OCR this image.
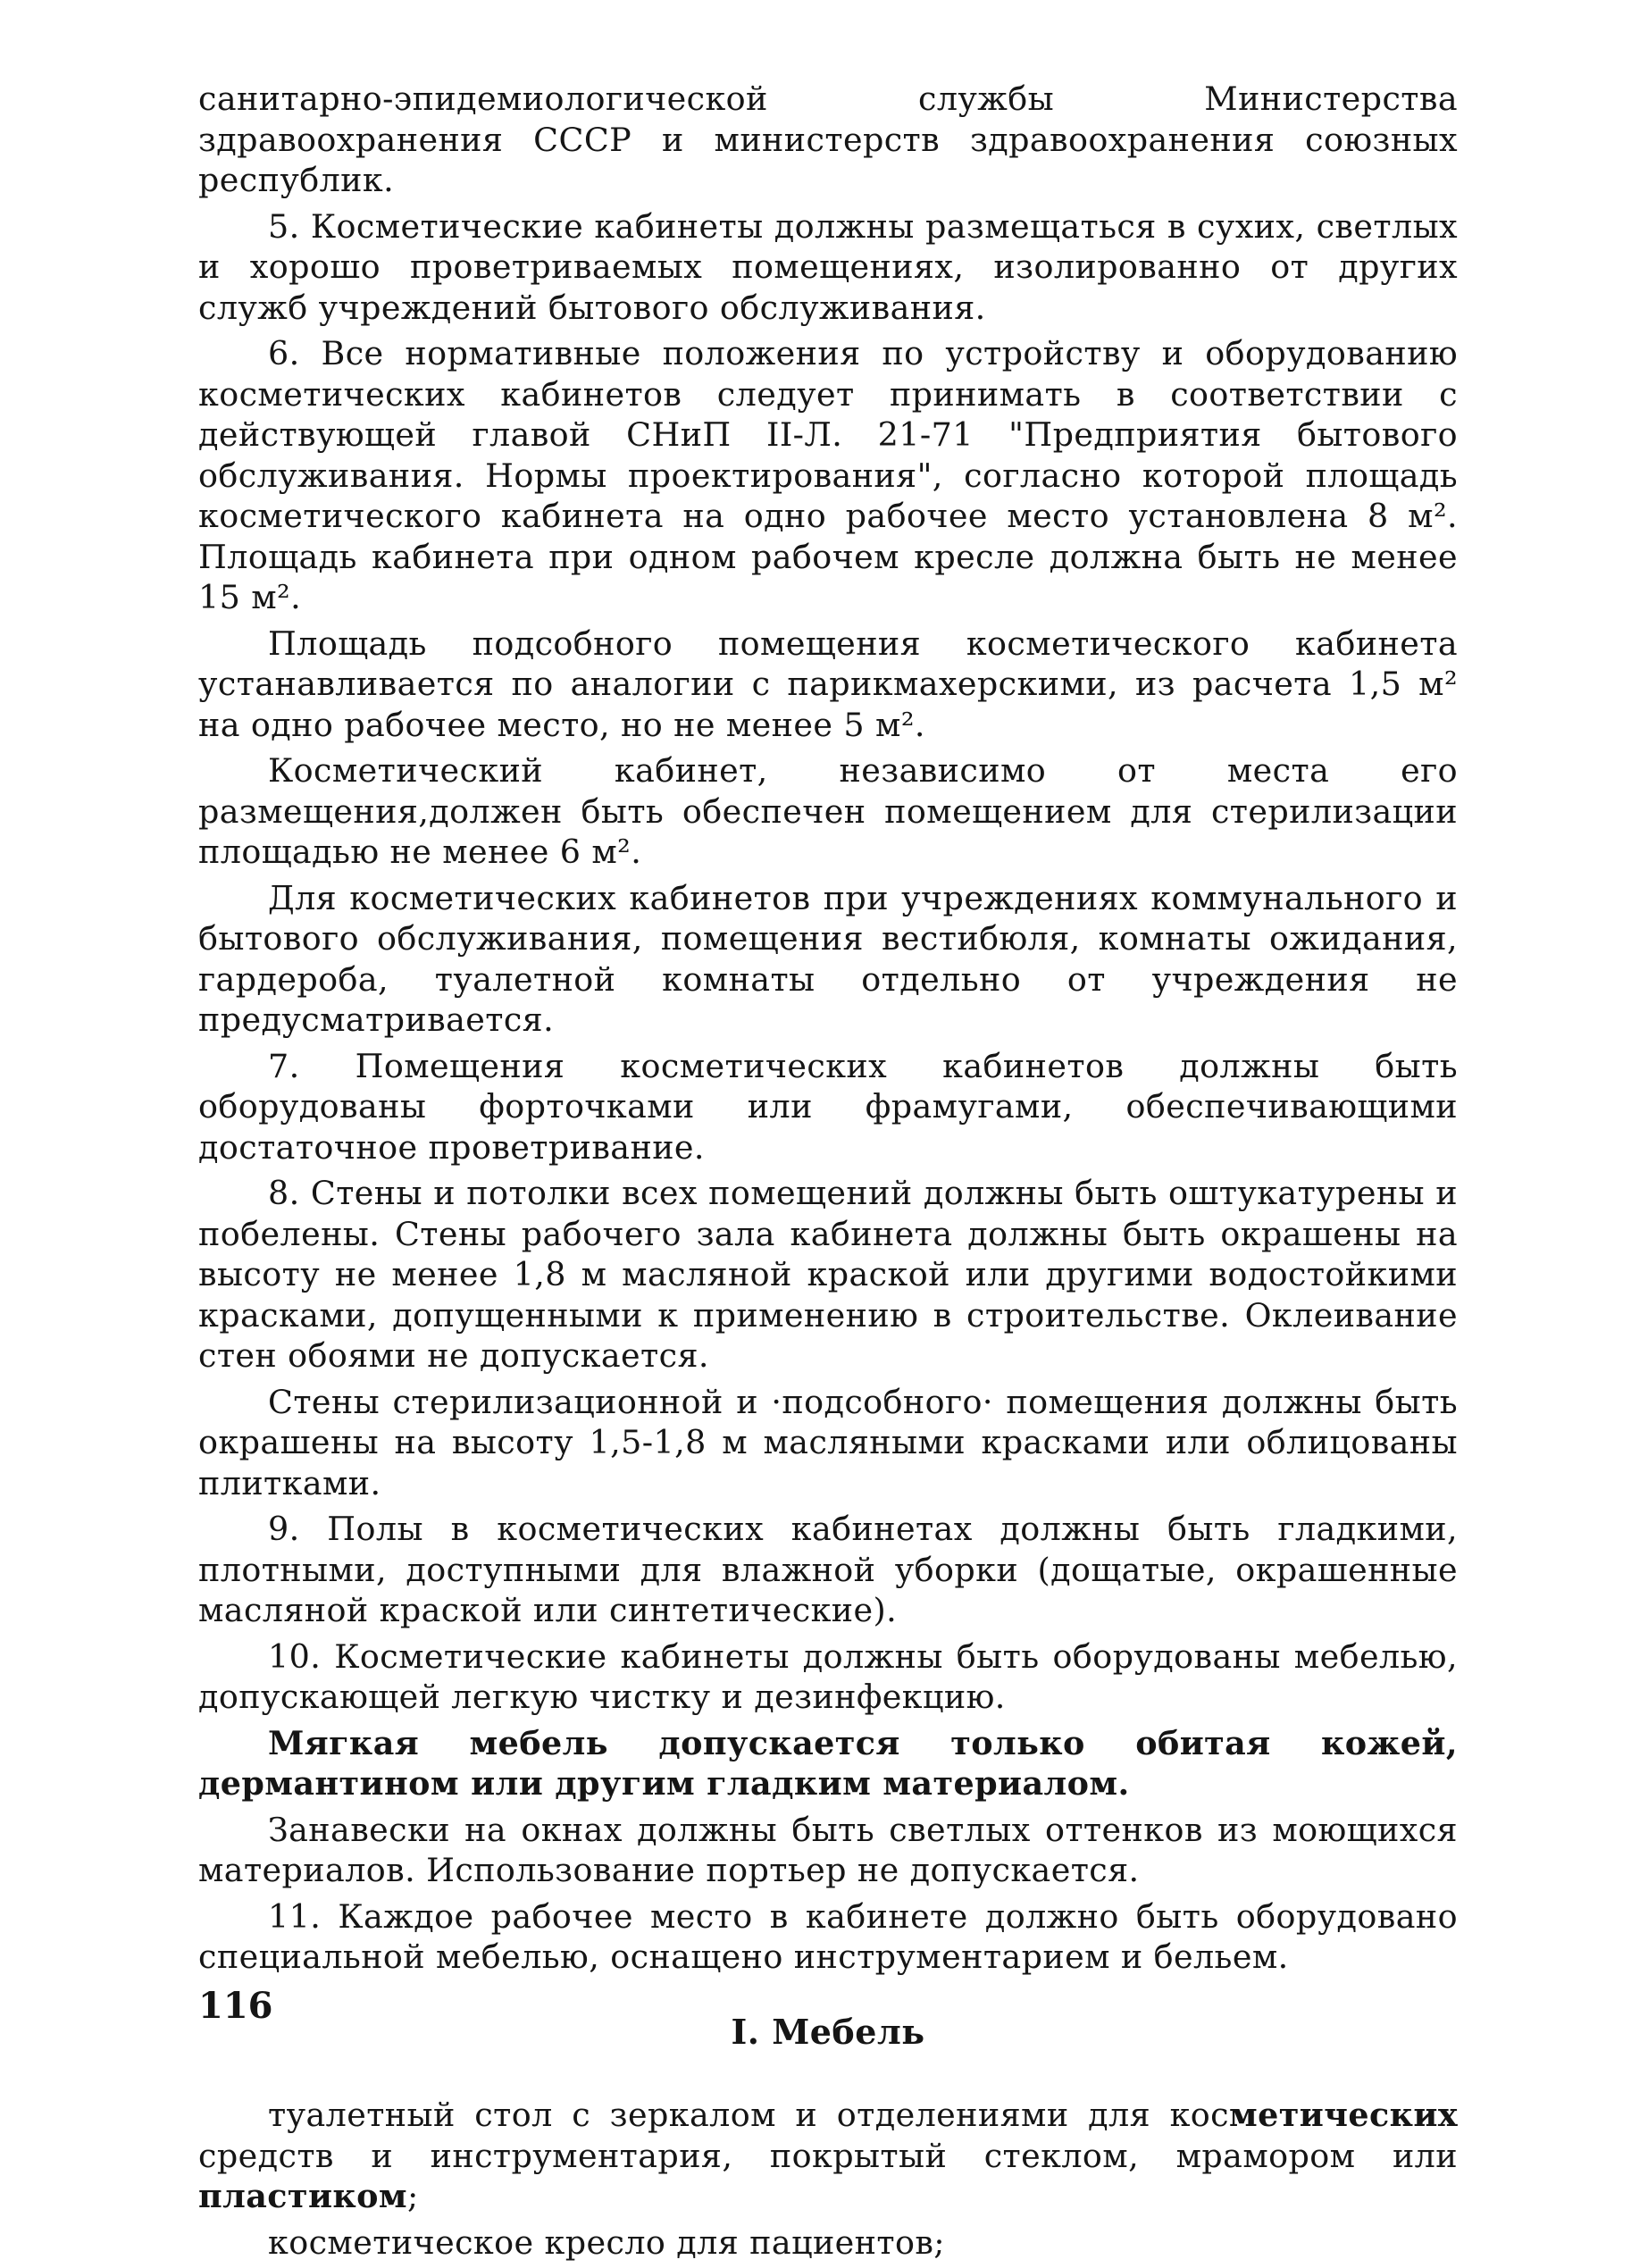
санитарно-эпидемиологической службы Министерства здравоохранения СССР и министерств здравоохранения союзных республик.

5. Косметические кабинеты должны размещаться в сухих, светлых и хорошо проветриваемых помещениях, изолированно от других служб учреждений бытового обслуживания.

6. Все нормативные положения по устройству и оборудованию косметических кабинетов следует принимать в соответствии с действующей главой СНиП II-Л. 21-71 "Предприятия бытового обслуживания. Нормы проектирования", согласно которой площадь косметического кабинета на одно рабочее место установлена 8 м². Площадь кабинета при одном рабочем кресле должна быть не менее 15 м².

Площадь подсобного помещения косметического кабинета устанавливается по аналогии с парикмахерскими, из расчета 1,5 м² на одно рабочее место, но не менее 5 м².

Косметический кабинет, независимо от места его размещения,должен быть обеспечен помещением для стерилизации площадью не менее 6 м².

Для косметических кабинетов при учреждениях коммунального и бытового обслуживания, помещения вестибюля, комнаты ожидания, гардероба, туалетной комнаты отдельно от учреждения не предусматривается.

7. Помещения косметических кабинетов должны быть оборудованы форточками или фрамугами, обеспечивающими достаточное проветривание.

8. Стены и потолки всех помещений должны быть оштукатурены и побелены. Стены рабочего зала кабинета должны быть окрашены на высоту не менее 1,8 м масляной краской или другими водостойкими красками, допущенными к применению в строительстве. Оклеивание стен обоями не допускается.

Стены стерилизационной и ·подсобного· помещения должны быть окрашены на высоту 1,5-1,8 м масляными красками или облицованы плитками.

9. Полы в косметических кабинетах должны быть гладкими, плотными, доступными для влажной уборки (дощатые, окрашенные масляной краской или синтетические).

10. Косметические кабинеты должны быть оборудованы мебелью, допускающей легкую чистку и дезинфекцию.

Мягкая мебель допускается только обитая кожей, дермантином или другим гладким материалом.

Занавески на окнах должны быть светлых оттенков из моющихся материалов. Использование портьер не допускается.

11. Каждое рабочее место в кабинете должно быть оборудовано специальной мебелью, оснащено инструментарием и бельем.

I. Мебель

туалетный стол с зеркалом и отделениями для косметических средств и инструментария, покрытый стеклом, мрамором или пластиком;

косметическое кресло для пациентов;

116
